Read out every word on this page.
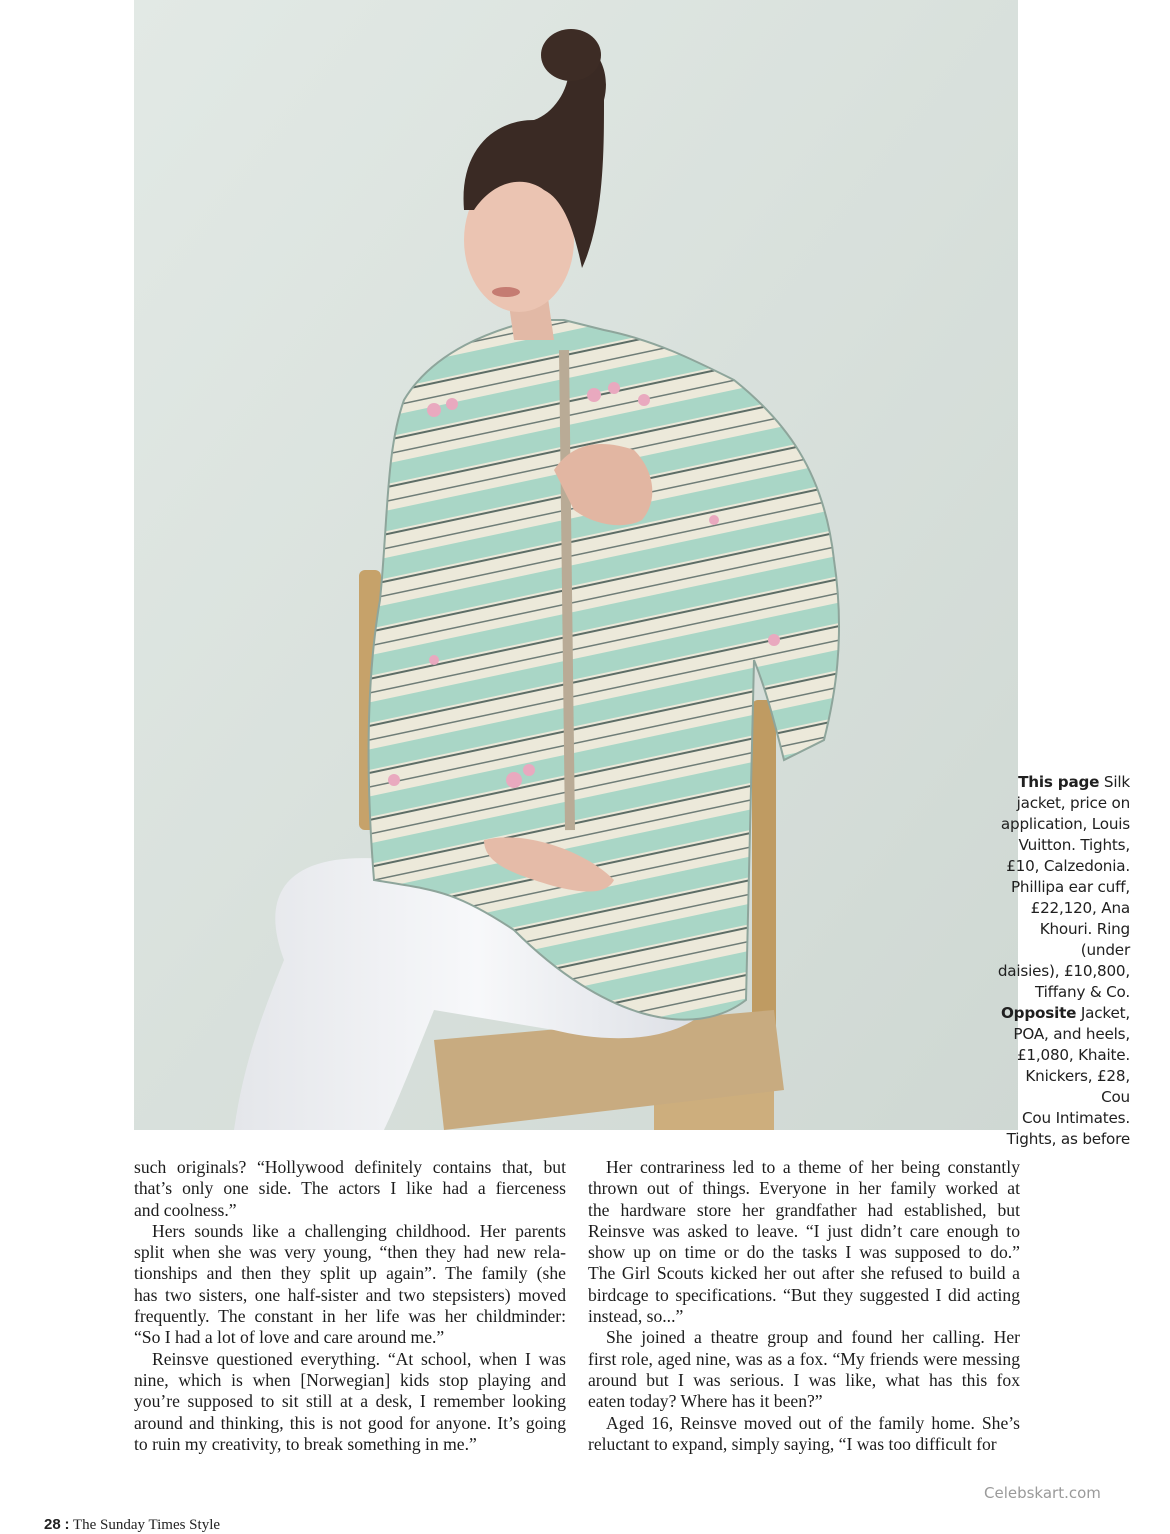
This page Silk
jacket, price on
application, Louis
Vuitton. Tights,
£10, Calzedonia.
Phillipa ear cuff,
£22,120, Ana
Khouri. Ring (under
daisies), £10,800,
Tiffany & Co.
Opposite Jacket,
POA, and heels,
£1,080, Khaite.
Knickers, £28, Cou
Cou Intimates.
Tights, as before

such originals? “Hollywood definitely contains that, but
that’s only one side. The actors I like had a fierceness
and coolness.”

Hers sounds like a challenging childhood. Her parents
split when she was very young, “then they had new rela-
tionships and then they split up again”. The family (she
has two sisters, one half-sister and two stepsisters) moved
frequently. The constant in her life was her childminder:
“So I had a lot of love and care around me.”

Reinsve questioned everything. “At school, when I was
nine, which is when [Norwegian] kids stop playing and
you’re supposed to sit still at a desk, I remember looking
around and thinking, this is not good for anyone. It’s going
to ruin my creativity, to break something in me.”

Her contrariness led to a theme of her being constantly
thrown out of things. Everyone in her family worked at
the hardware store her grandfather had established, but
Reinsve was asked to leave. “I just didn’t care enough to
show up on time or do the tasks I was supposed to do.”
The Girl Scouts kicked her out after she refused to build a
birdcage to specifications. “But they suggested I did acting
instead, so...”

She joined a theatre group and found her calling. Her
first role, aged nine, was as a fox. “My friends were messing
around but I was serious. I was like, what has this fox
eaten today? Where has it been?”

Aged 16, Reinsve moved out of the family home. She’s
reluctant to expand, simply saying, “I was too difficult for

Celebskart.com
28 : The Sunday Times Style
